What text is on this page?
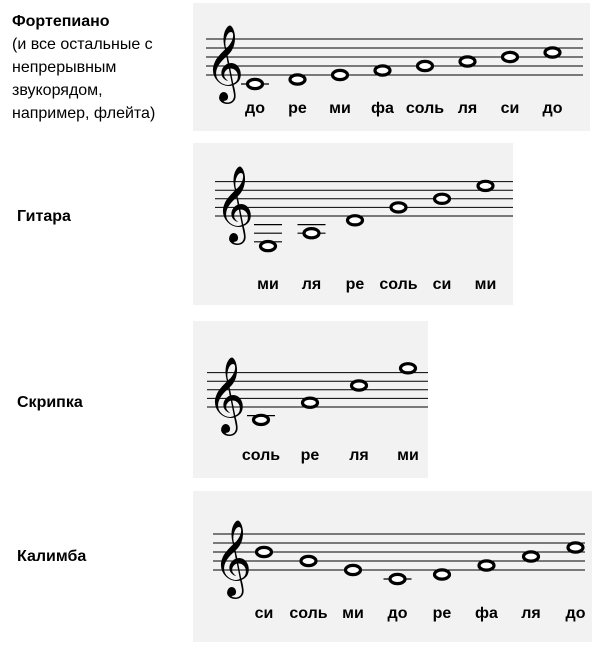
Фортепиано
(и все остальные с
непрерывным
звукорядом,
например, флейта)
Гитара
Скрипка
Калимба
𝄞
до ре ми фа соль ля си до
𝄞
ми ля ре соль си ми
𝄞
соль ре ля ми
𝄞
си соль ми до ре фа ля до
